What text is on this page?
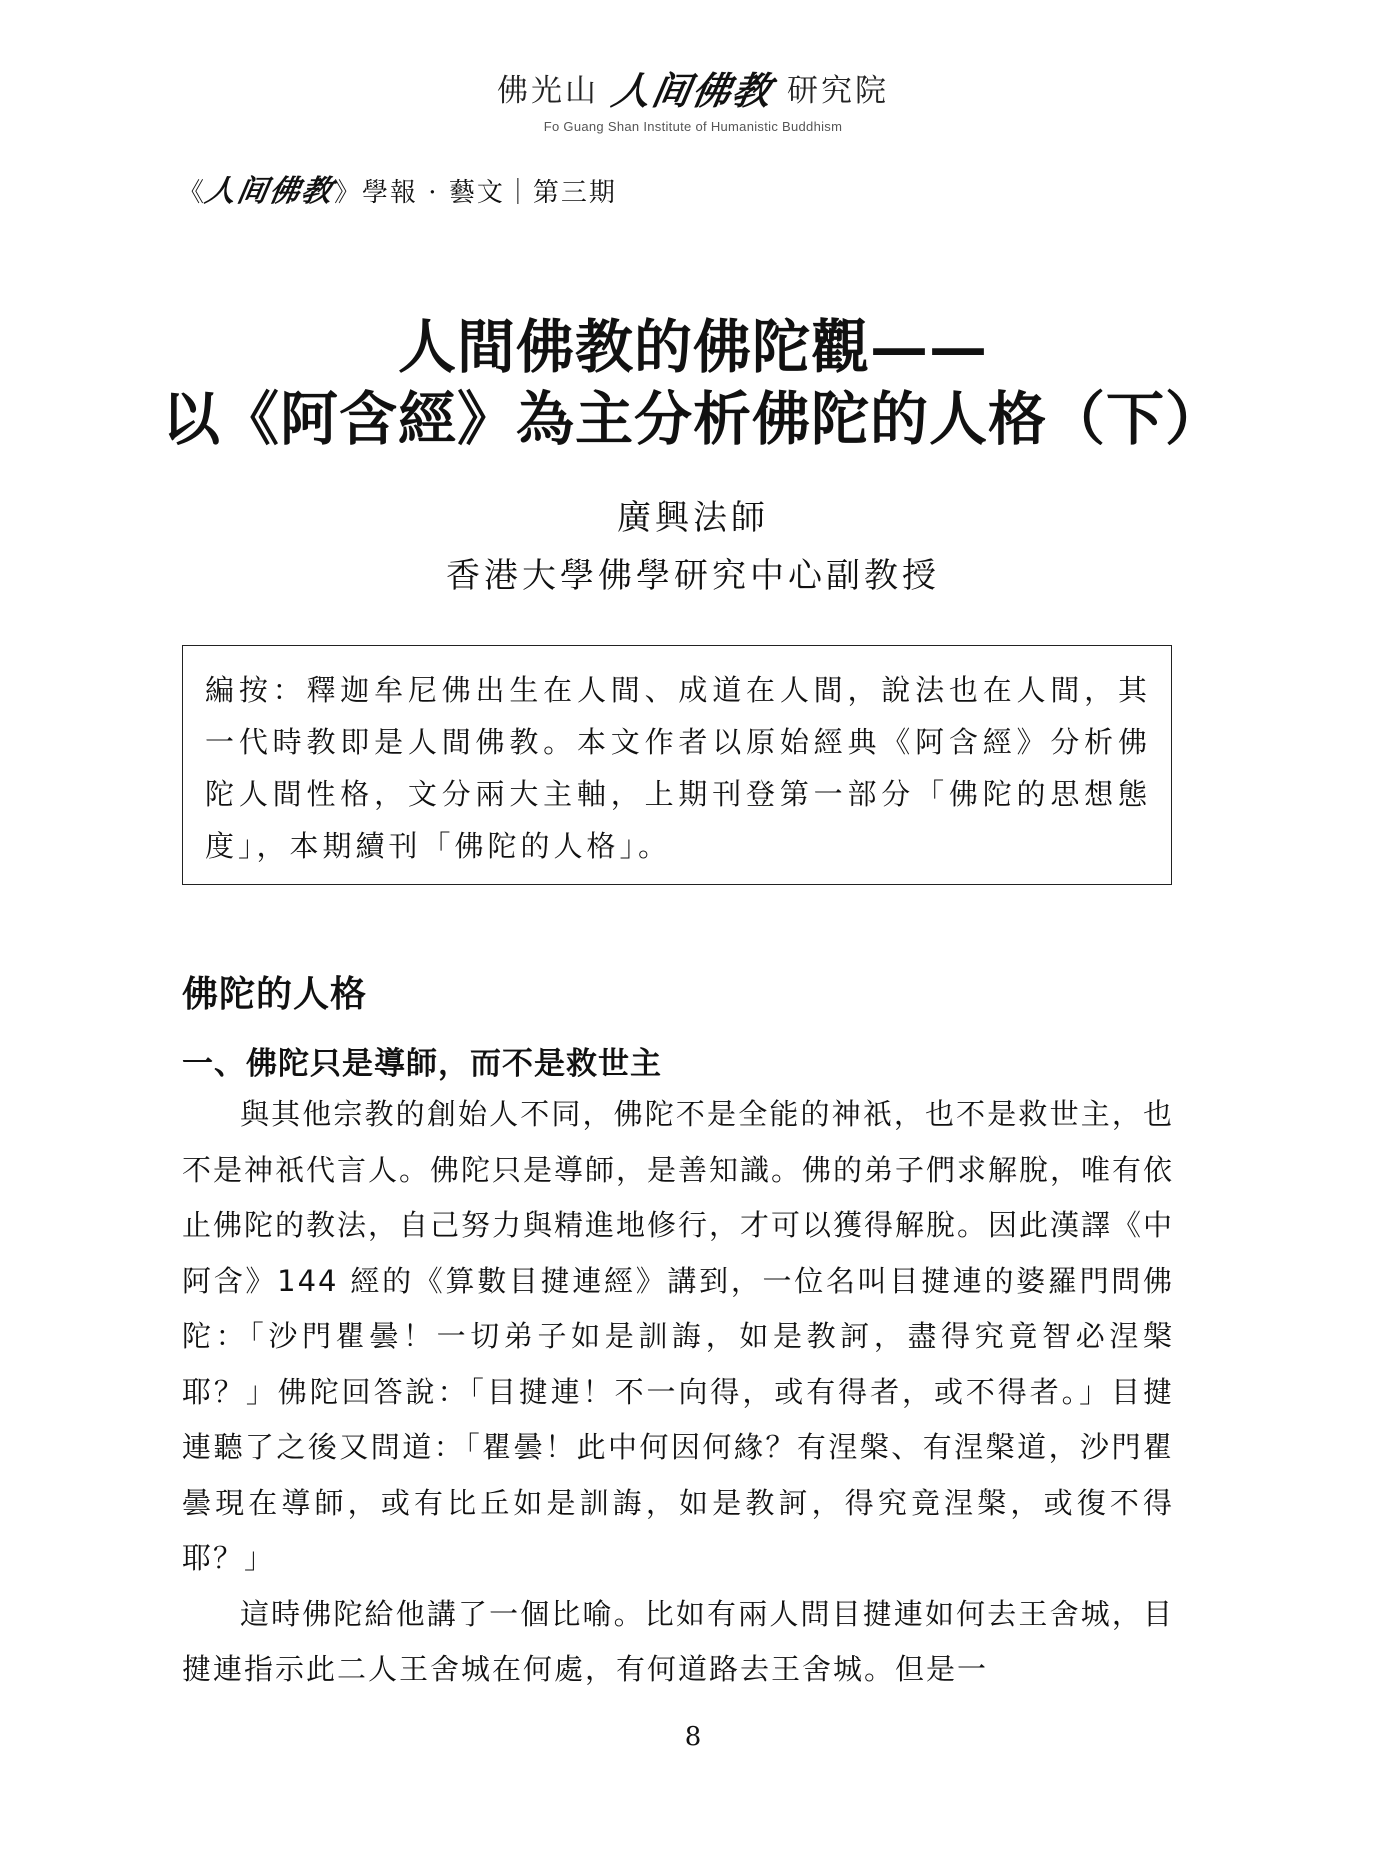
佛光山 人间佛教 研究院
Fo Guang Shan Institute of Humanistic Buddhism
《
人间佛教
》 學報 · 藝文｜第三期
人間佛教的佛陀觀——
以《阿含經》為主分析佛陀的人格（下）
廣興法師
香港大學佛學研究中心副教授

編按：釋迦牟尼佛出生在人間、成道在人間，說法也在人間，其一代時教即是人間佛教。本文作者以原始經典《阿含經》分析佛陀人間性格，文分兩大主軸，上期刊登第一部分「佛陀的思想態度」，本期續刊「佛陀的人格」。

佛陀的人格
一、佛陀只是導師，而不是救世主

與其他宗教的創始人不同，佛陀不是全能的神祇，也不是救世主，也不是神祇代言人。佛陀只是導師，是善知識。佛的弟子們求解脫，唯有依止佛陀的教法，自己努力與精進地修行，才可以獲得解脫。因此漢譯《中阿含》144 經的《算數目揵連經》講到，一位名叫目揵連的婆羅門問佛陀：「沙門瞿曇！一切弟子如是訓誨，如是教訶，盡得究竟智必涅槃耶？」佛陀回答說：「目揵連！不一向得，或有得者，或不得者。」目揵連聽了之後又問道：「瞿曇！此中何因何緣？有涅槃、有涅槃道，沙門瞿曇現在導師，或有比丘如是訓誨，如是教訶，得究竟涅槃，或復不得耶？」

這時佛陀給他講了一個比喻。比如有兩人問目揵連如何去王舍城，目揵連指示此二人王舍城在何處，有何道路去王舍城。但是一

8
